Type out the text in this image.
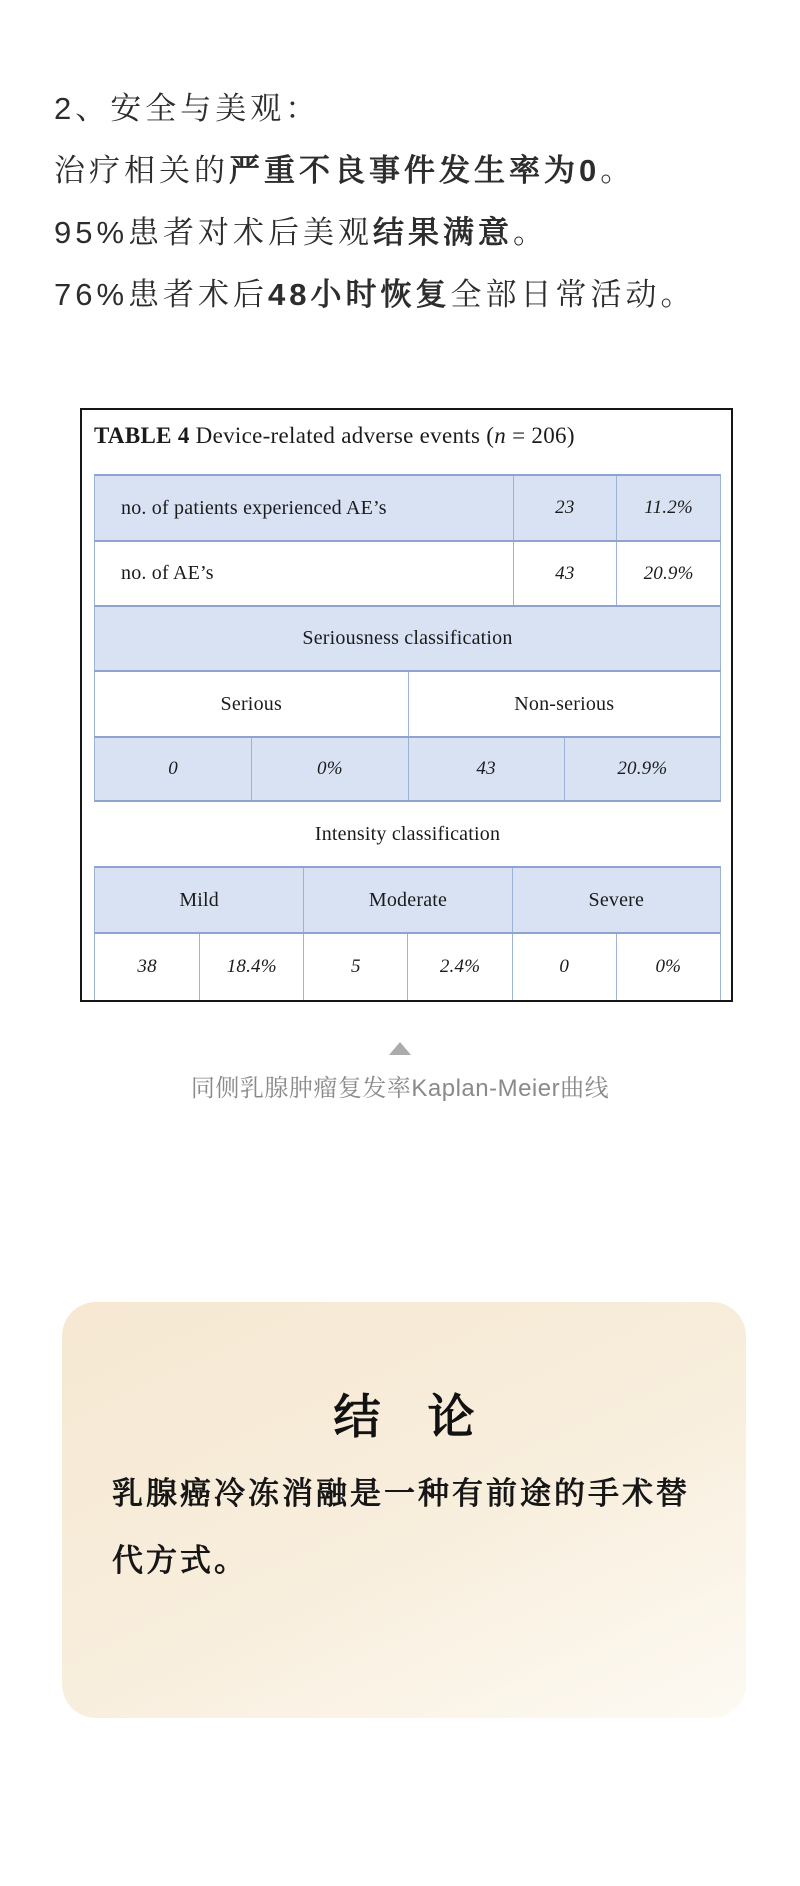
2、安全与美观：
治疗相关的严重不良事件发生率为0。
95%患者对术后美观结果满意。
76%患者术后48小时恢复全部日常活动。
TABLE 4 Device-related adverse events (n = 206)
no. of patients experienced AE’s	23	11.2%
no. of AE’s	43	20.9%
Seriousness classification
Serious	Non-serious
0	0%	43	20.9%
Intensity classification
Mild	Moderate	Severe
38	18.4%	5	2.4%	0	0%
同侧乳腺肿瘤复发率Kaplan-Meier曲线
结　论
乳腺癌冷冻消融是一种有前途的手术替
代方式。
